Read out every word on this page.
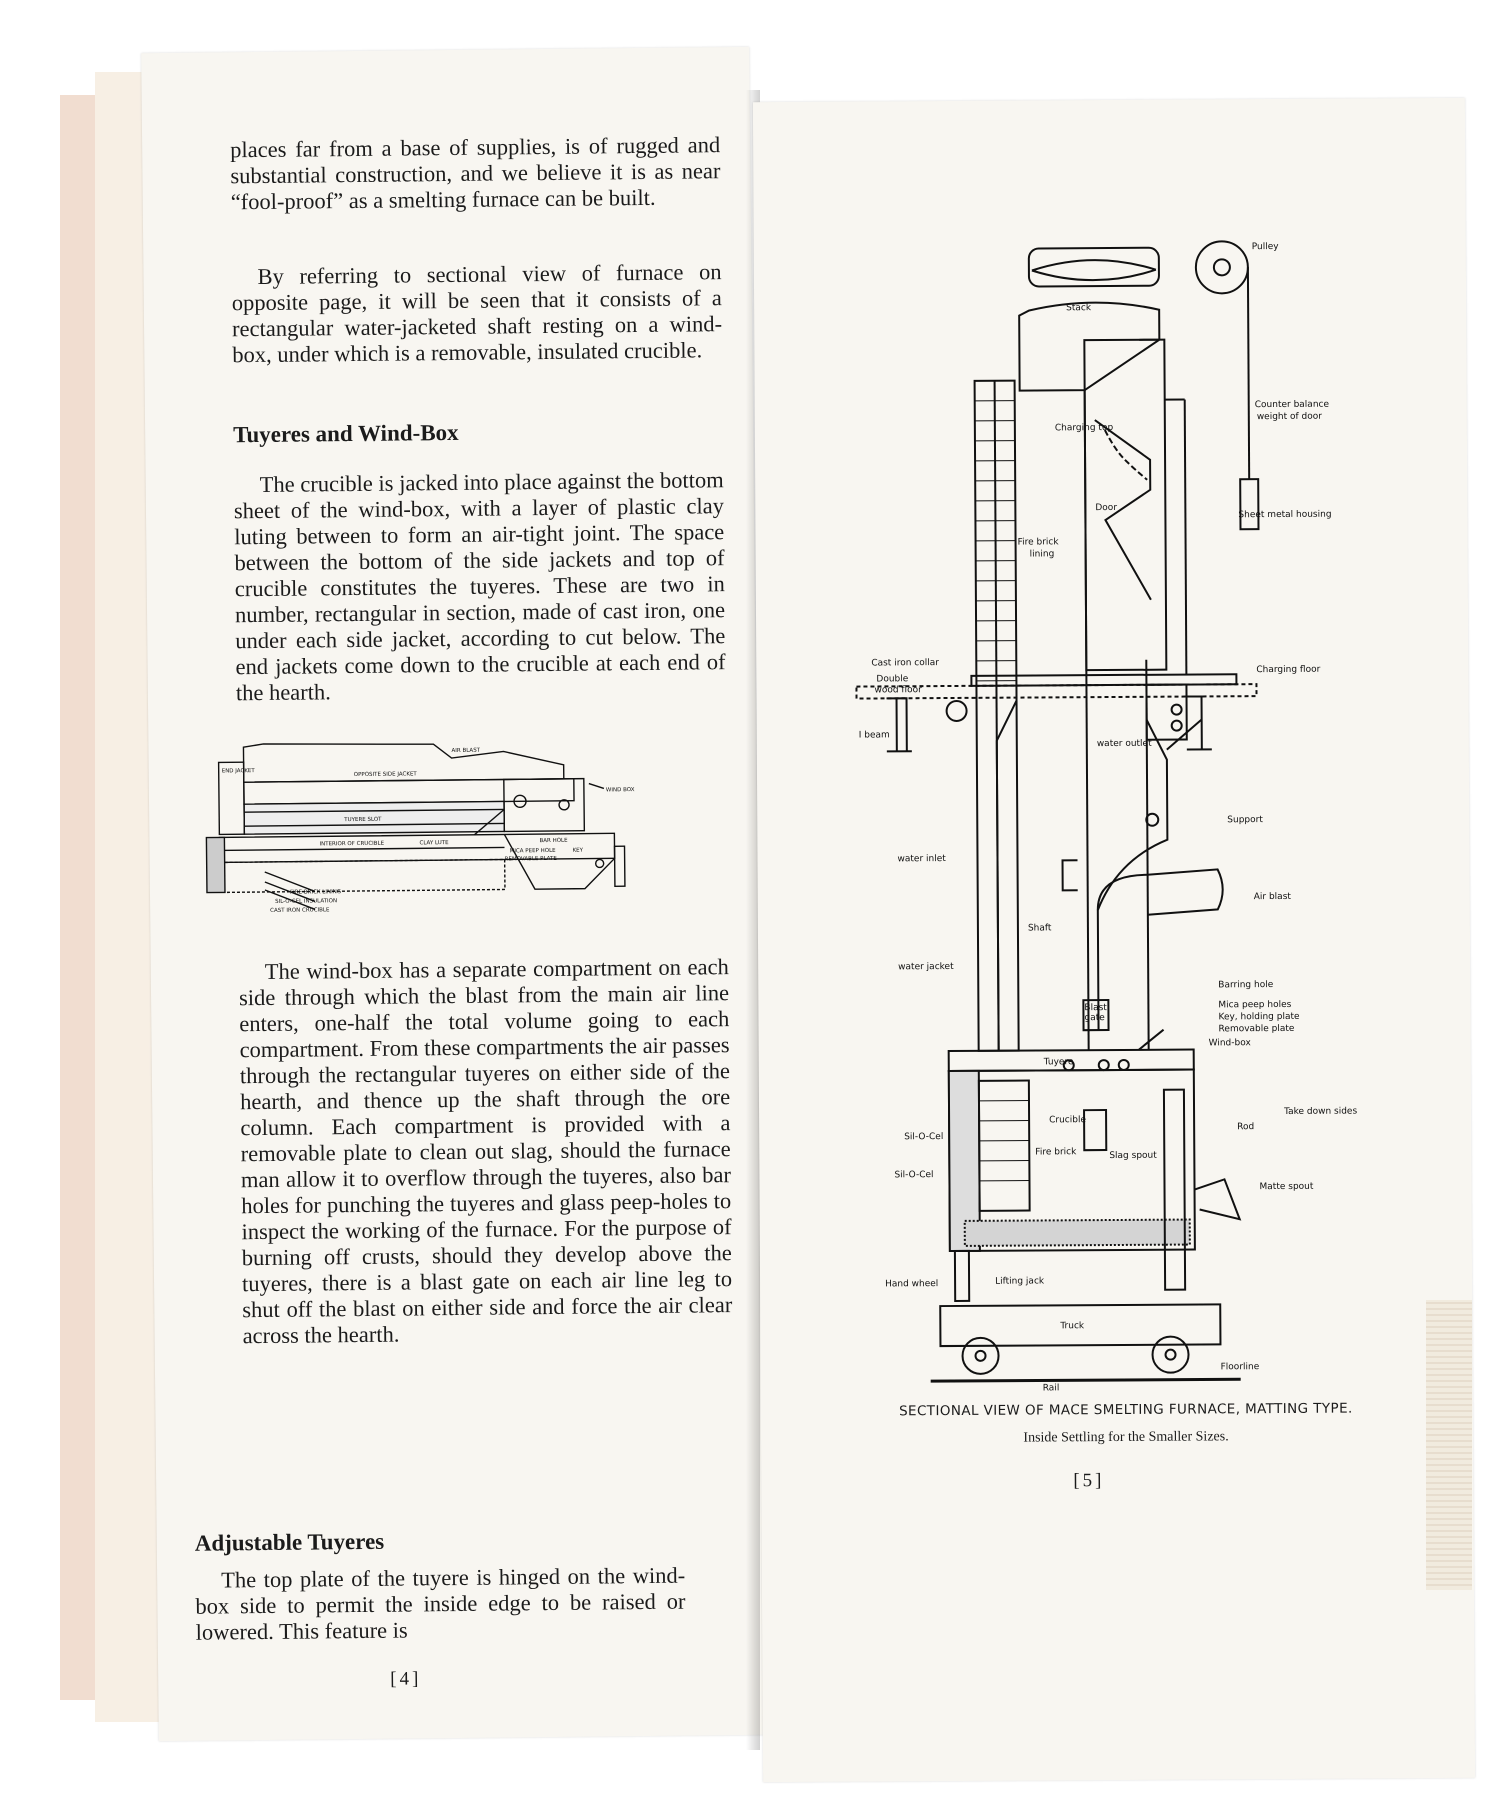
places far from a base of supplies, is of rugged and substantial construction, and we believe it is as near “fool-proof” as a smelting furnace can be built.

By referring to sectional view of furnace on opposite page, it will be seen that it consists of a rectangular water-jacketed shaft resting on a wind-box, under which is a removable, insulated crucible.

Tuyeres and Wind-Box

The crucible is jacked into place against the bottom sheet of the wind-box, with a layer of plastic clay luting between to form an air-tight joint. The space between the bottom of the side jackets and top of crucible constitutes the tuyeres. These are two in number, rectangular in section, made of cast iron, one under each side jacket, according to cut below. The end jackets come down to the crucible at each end of the hearth.

AIR BLAST
END JACKET
OPPOSITE SIDE JACKET
WIND BOX
TUYERE SLOT
INTERIOR OF CRUCIBLE	CLAY LUTE	BAR HOLE
MICA PEEP HOLE
REMOVABLE PLATE
KEY
FIRE-BRICK LINING
SIL-O-CEL INSULATION
CAST IRON CRUCIBLE

The wind-box has a separate compartment on each side through which the blast from the main air line enters, one-half the total volume going to each compartment. From these compartments the air passes through the rectangular tuyeres on either side of the hearth, and thence up the shaft through the ore column. Each compartment is provided with a removable plate to clean out slag, should the furnace man allow it to overflow through the tuyeres, also bar holes for punching the tuyeres and glass peep-holes to inspect the working of the furnace. For the purpose of burning off crusts, should they develop above the tuyeres, there is a blast gate on each air line leg to shut off the blast on either side and force the air clear across the hearth.

Adjustable Tuyeres

The top plate of the tuyere is hinged on the wind-box side to permit the inside edge to be raised or lowered. This feature is

[4]
Pulley
Stack
Counter balance
weight of door
Charging top
Door
Sheet metal housing
Fire brick
lining
Cast iron collar
Charging floor
Double
wood floor
I beam
water outlet
Support
water inlet
Air blast
Shaft
water jacket
Barring hole
Blast
gate
Mica peep holes
Key, holding plate
Removable plate
Wind-box
Tuyere
Crucible
Take down sides
Rod
Sil-O-Cel
Fire brick	Slag spout
Sil-O-Cel
Matte spout
Hand wheel	Lifting jack
Truck
Floorline
Rail
SECTIONAL VIEW OF MACE SMELTING FURNACE, MATTING TYPE.
Inside Settling for the Smaller Sizes.
[5]
